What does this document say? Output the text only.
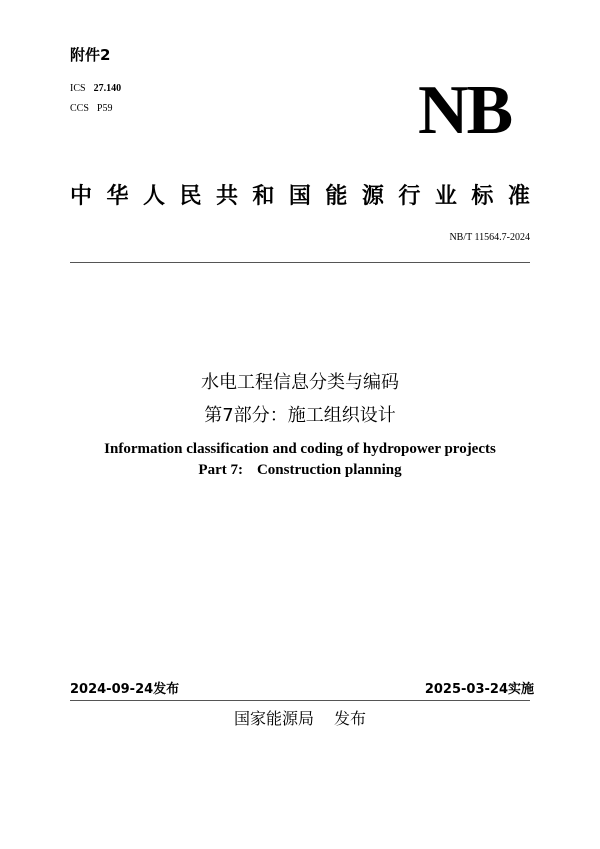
附件2
ICS 27.140
CCS P59	NB
中 华 人 民 共 和 国 能 源 行 业 标 准
NB/T 11564.7-2024
水电工程信息分类与编码
第7部分：施工组织设计
Information classification and coding of hydropower projects
Part 7: Construction planning
2024-09-24发布	2025-03-24实施
国家能源局 发布
